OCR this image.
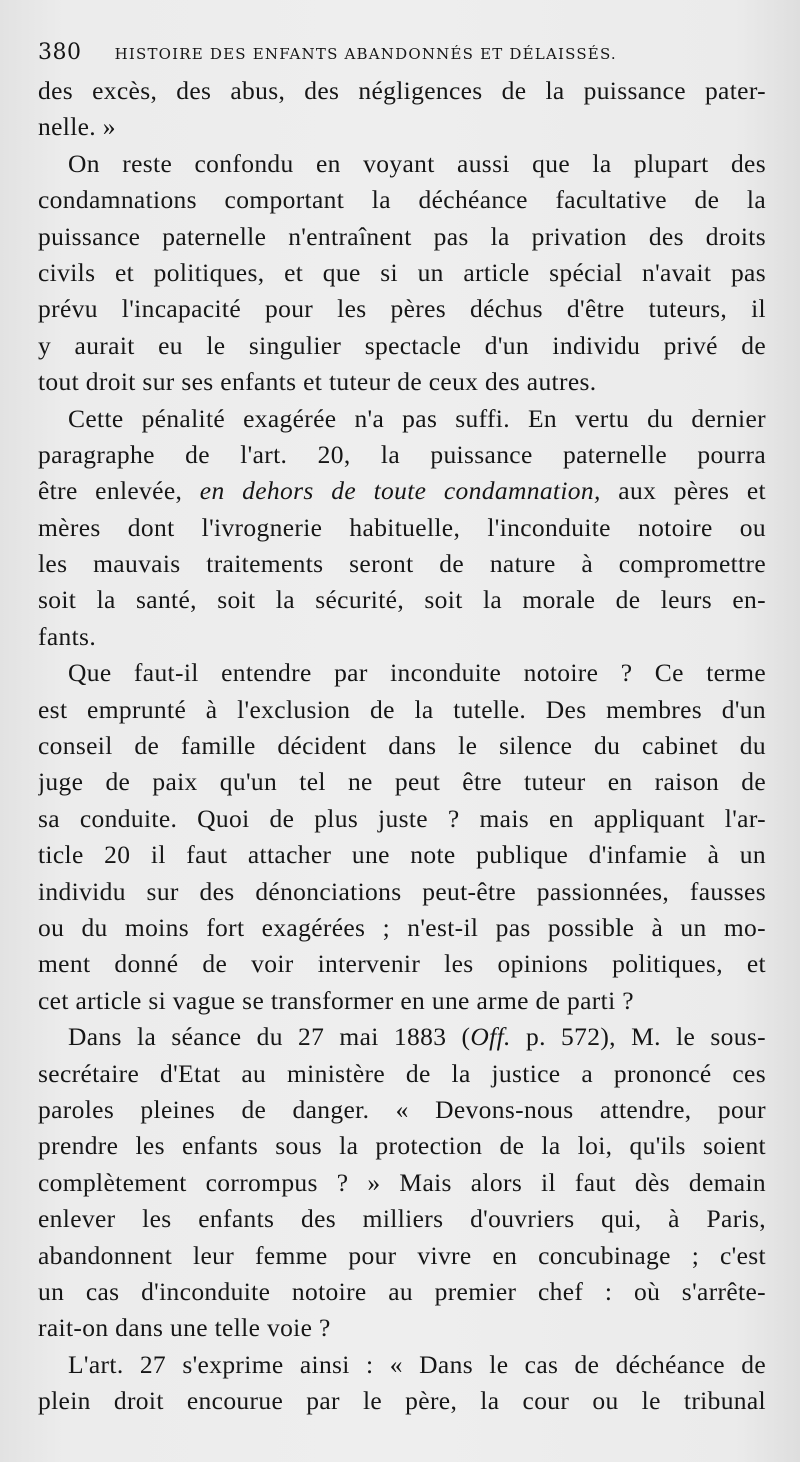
380 HISTOIRE DES ENFANTS ABANDONNÉS ET DÉLAISSÉS.
des excès, des abus, des négligences de la puissance pater-
nelle. »
On reste confondu en voyant aussi que la plupart des
condamnations comportant la déchéance facultative de la
puissance paternelle n'entraînent pas la privation des droits
civils et politiques, et que si un article spécial n'avait pas
prévu l'incapacité pour les pères déchus d'être tuteurs, il
y aurait eu le singulier spectacle d'un individu privé de
tout droit sur ses enfants et tuteur de ceux des autres.
Cette pénalité exagérée n'a pas suffi. En vertu du dernier
paragraphe de l'art. 20, la puissance paternelle pourra
être enlevée, en dehors de toute condamnation, aux pères et
mères dont l'ivrognerie habituelle, l'inconduite notoire ou
les mauvais traitements seront de nature à compromettre
soit la santé, soit la sécurité, soit la morale de leurs en-
fants.
Que faut-il entendre par inconduite notoire ? Ce terme
est emprunté à l'exclusion de la tutelle. Des membres d'un
conseil de famille décident dans le silence du cabinet du
juge de paix qu'un tel ne peut être tuteur en raison de
sa conduite. Quoi de plus juste ? mais en appliquant l'ar-
ticle 20 il faut attacher une note publique d'infamie à un
individu sur des dénonciations peut-être passionnées, fausses
ou du moins fort exagérées ; n'est-il pas possible à un mo-
ment donné de voir intervenir les opinions politiques, et
cet article si vague se transformer en une arme de parti ?
Dans la séance du 27 mai 1883 (Off. p. 572), M. le sous-
secrétaire d'Etat au ministère de la justice a prononcé ces
paroles pleines de danger. « Devons-nous attendre, pour
prendre les enfants sous la protection de la loi, qu'ils soient
complètement corrompus ? » Mais alors il faut dès demain
enlever les enfants des milliers d'ouvriers qui, à Paris,
abandonnent leur femme pour vivre en concubinage ; c'est
un cas d'inconduite notoire au premier chef : où s'arrête-
rait-on dans une telle voie ?
L'art. 27 s'exprime ainsi : « Dans le cas de déchéance de
plein droit encourue par le père, la cour ou le tribunal
